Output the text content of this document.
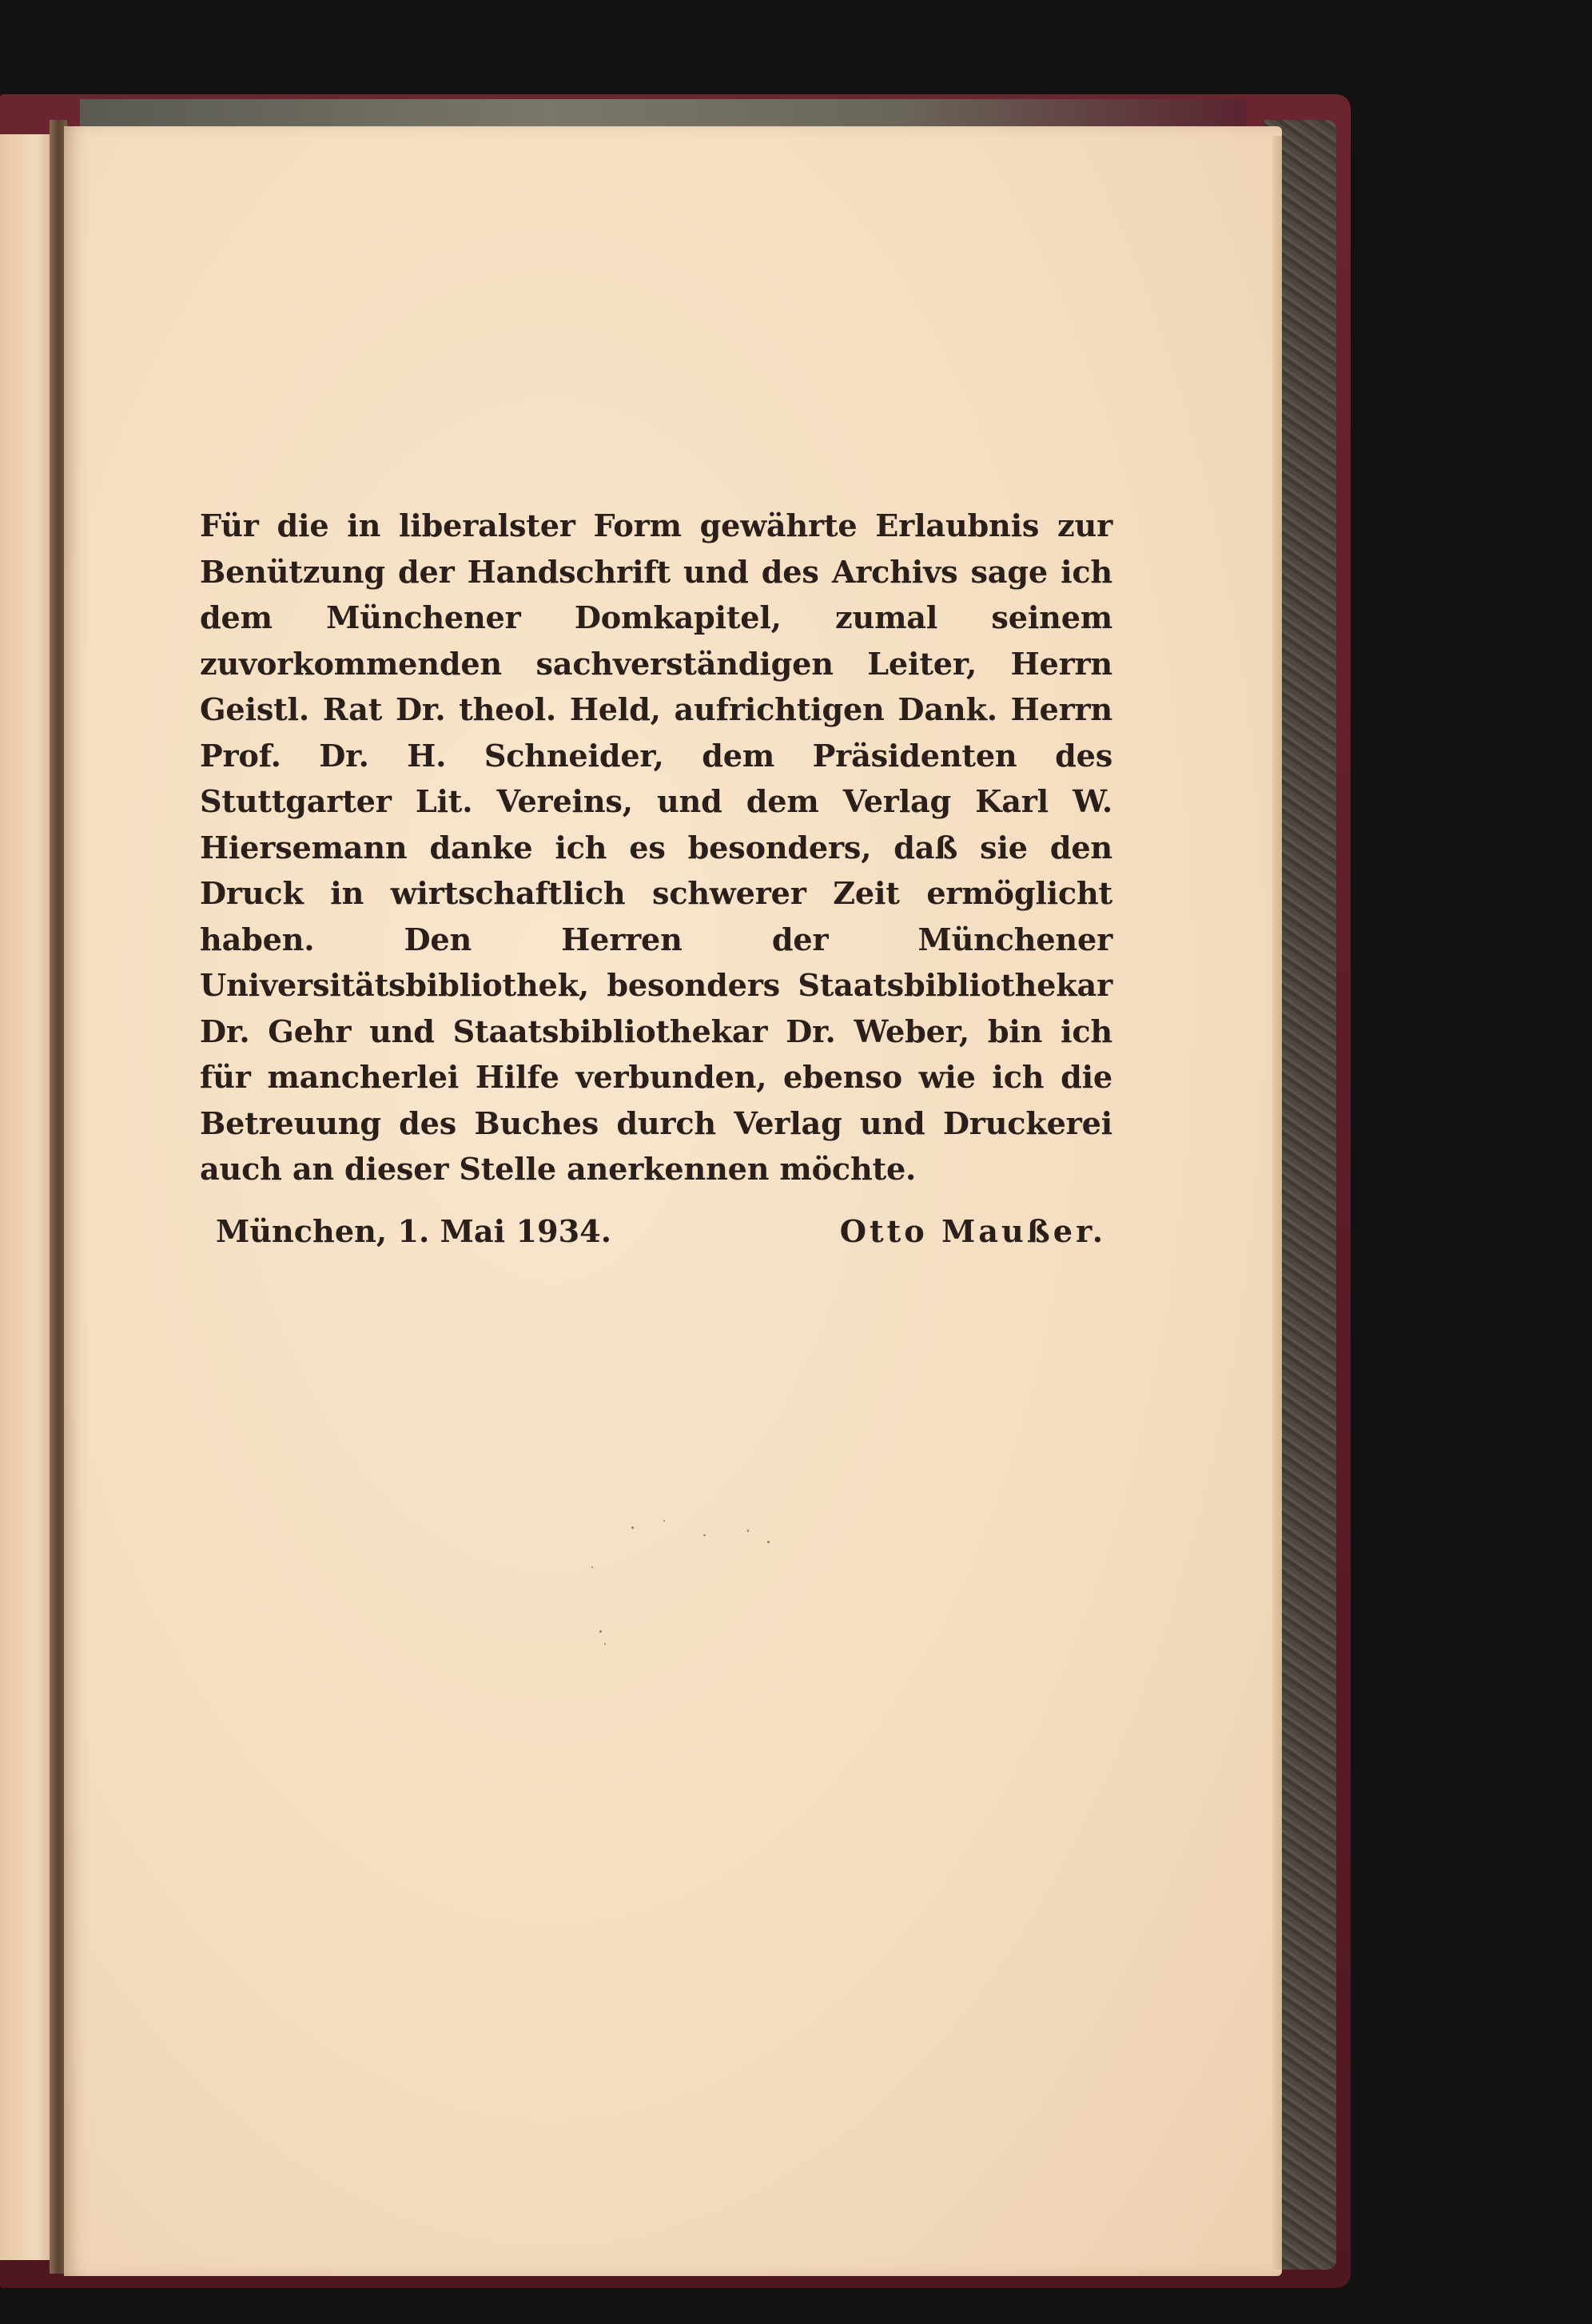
Für die in liberalster Form gewährte Erlaubnis zur Benützung der Handschrift und des Archivs sage ich dem Münchener Domkapitel, zumal seinem zuvorkommenden sachverständigen Leiter, Herrn Geistl. Rat Dr. theol. Held, aufrichtigen Dank. Herrn Prof. Dr. H. Schneider, dem Präsidenten des Stuttgarter Lit. Vereins, und dem Verlag Karl W. Hiersemann danke ich es besonders, daß sie den Druck in wirtschaftlich schwerer Zeit ermöglicht haben. Den Herren der Münchener Universitätsbibliothek, besonders Staatsbibliothekar Dr. Gehr und Staatsbibliothekar Dr. Weber, bin ich für mancherlei Hilfe verbunden, ebenso wie ich die Betreuung des Buches durch Verlag und Druckerei auch an dieser Stelle anerkennen möchte.

München, 1. Mai 1934.	Otto Maußer.
